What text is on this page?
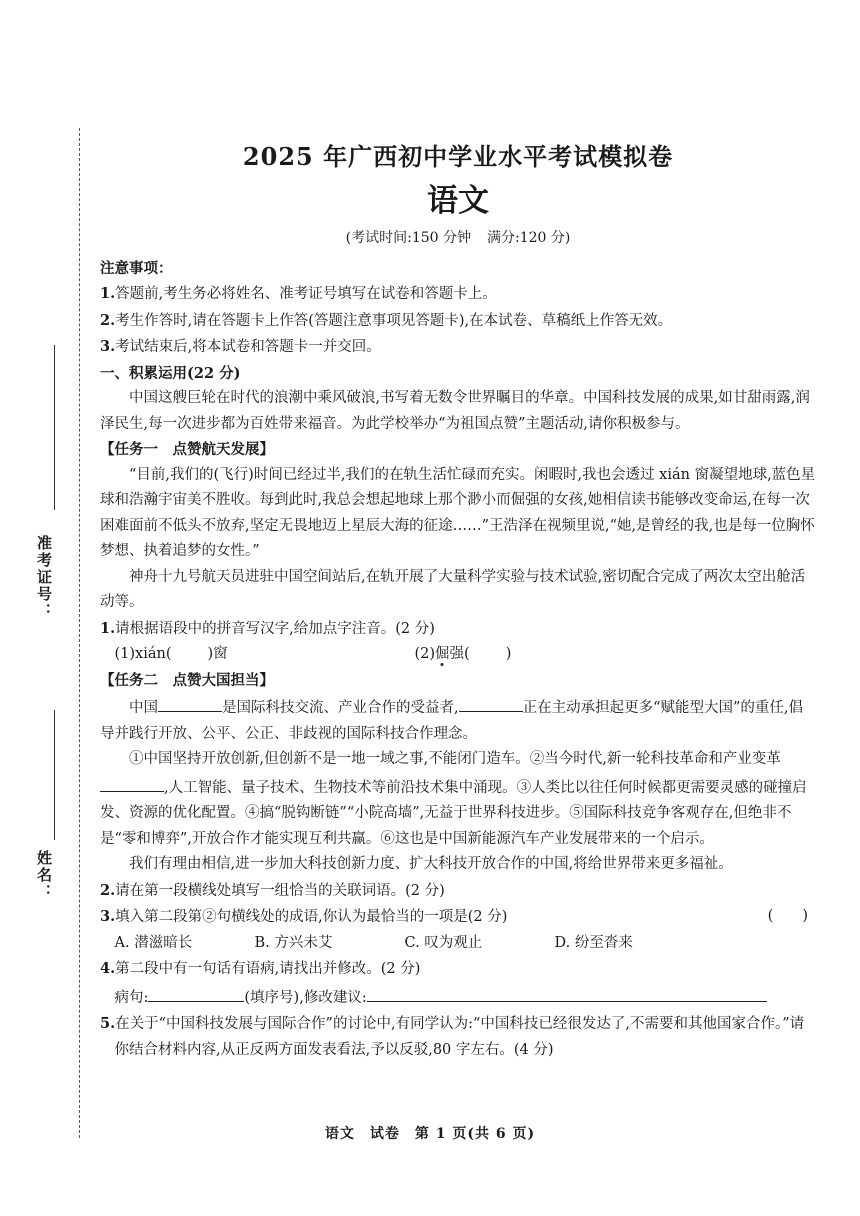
准考证号：
姓名：
2025 年广西初中学业水平考试模拟卷
语文
(考试时间:150 分钟 满分:120 分)

注意事项：

1.答题前,考生务必将姓名、准考证号填写在试卷和答题卡上。

2.考生作答时,请在答题卡上作答(答题注意事项见答题卡),在本试卷、草稿纸上作答无效。

3.考试结束后,将本试卷和答题卡一并交回。

一、积累运用(22 分)

中国这艘巨轮在时代的浪潮中乘风破浪,书写着无数令世界瞩目的华章。中国科技发展的成果,如甘甜雨露,润泽民生,每一次进步都为百姓带来福音。为此学校举办“为祖国点赞”主题活动,请你积极参与。

【任务一　点赞航天发展】

“目前,我们的(飞行)时间已经过半,我们的在轨生活忙碌而充实。闲暇时,我也会透过 xián 窗凝望地球,蓝色星球和浩瀚宇宙美不胜收。每到此时,我总会想起地球上那个渺小而倔强的女孩,她相信读书能够改变命运,在每一次困难面前不低头不放弃,坚定无畏地迈上星辰大海的征途……”王浩泽在视频里说,“她,是曾经的我,也是每一位胸怀梦想、执着追梦的女性。”

神舟十九号航天员进驻中国空间站后,在轨开展了大量科学实验与技术试验,密切配合完成了两次太空出舱活动等。

1.请根据语段中的拼音写汉字,给加点字注音。(2 分)

(1)xián( )窗	(2)倔强( )

【任务二　点赞大国担当】

中国	是国际科技交流、产业合作的受益者,	正在主动承担起更多“赋能型大国”的重任,倡导并践行开放、公平、公正、非歧视的国际科技合作理念。

①中国坚持开放创新,但创新不是一地一域之事,不能闭门造车。②当今时代,新一轮科技革命和产业变革,人工智能、量子技术、生物技术等前沿技术集中涌现。③人类比以往任何时候都更需要灵感的碰撞启发、资源的优化配置。④搞“脱钩断链”“小院高墙”,无益于世界科技进步。⑤国际科技竞争客观存在,但绝非不是“零和博弈”,开放合作才能实现互利共赢。⑥这也是中国新能源汽车产业发展带来的一个启示。

我们有理由相信,进一步加大科技创新力度、扩大科技开放合作的中国,将给世界带来更多福祉。

2.请在第一段横线处填写一组恰当的关联词语。(2 分)

3.填入第二段第②句横线处的成语,你认为最恰当的一项是(2 分)	(　　)

A. 潜滋暗长	B. 方兴未艾	C. 叹为观止	D. 纷至沓来

4.第二段中有一句话有语病,请找出并修改。(2 分)

病句:	(填序号),修改建议:

5.在关于“中国科技发展与国际合作”的讨论中,有同学认为:“中国科技已经很发达了,不需要和其他国家合作。”请你结合材料内容,从正反两方面发表看法,予以反驳,80 字左右。(4 分)

语文　试卷　第 1 页(共 6 页)
